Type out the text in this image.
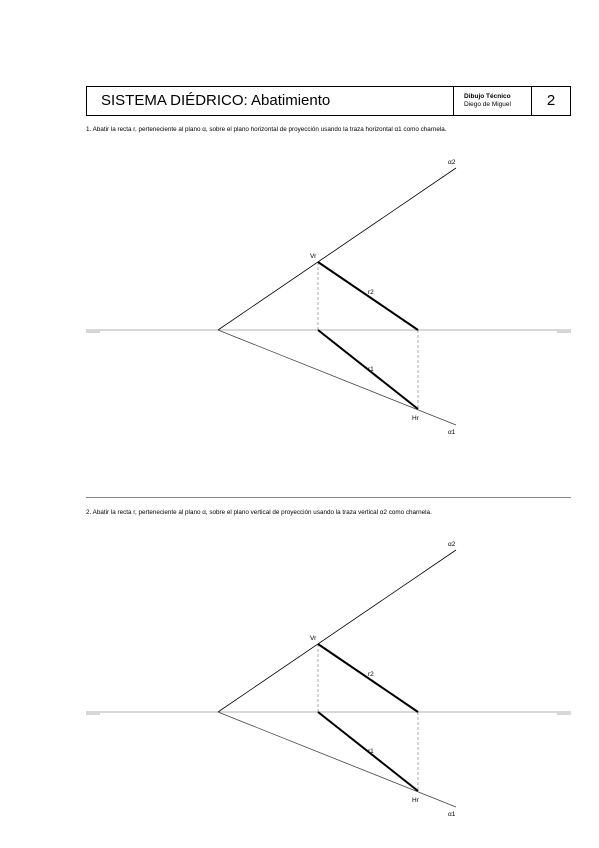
SISTEMA DIÉDRICO: Abatimiento	Dibujo Técnico
Diego de Miguel	2
1. Abatir la recta r, perteneciente al plano α, sobre el plano horizontal de proyección usando la traza horizontal α1 como charnela.
2. Abatir la recta r, perteneciente al plano α, sobre el plano vertical de proyección usando la traza vertical α2 como charnela.
α2
Vr
r2
r1
Hr
α1
α2
Vr
r2
r1
Hr
α1
